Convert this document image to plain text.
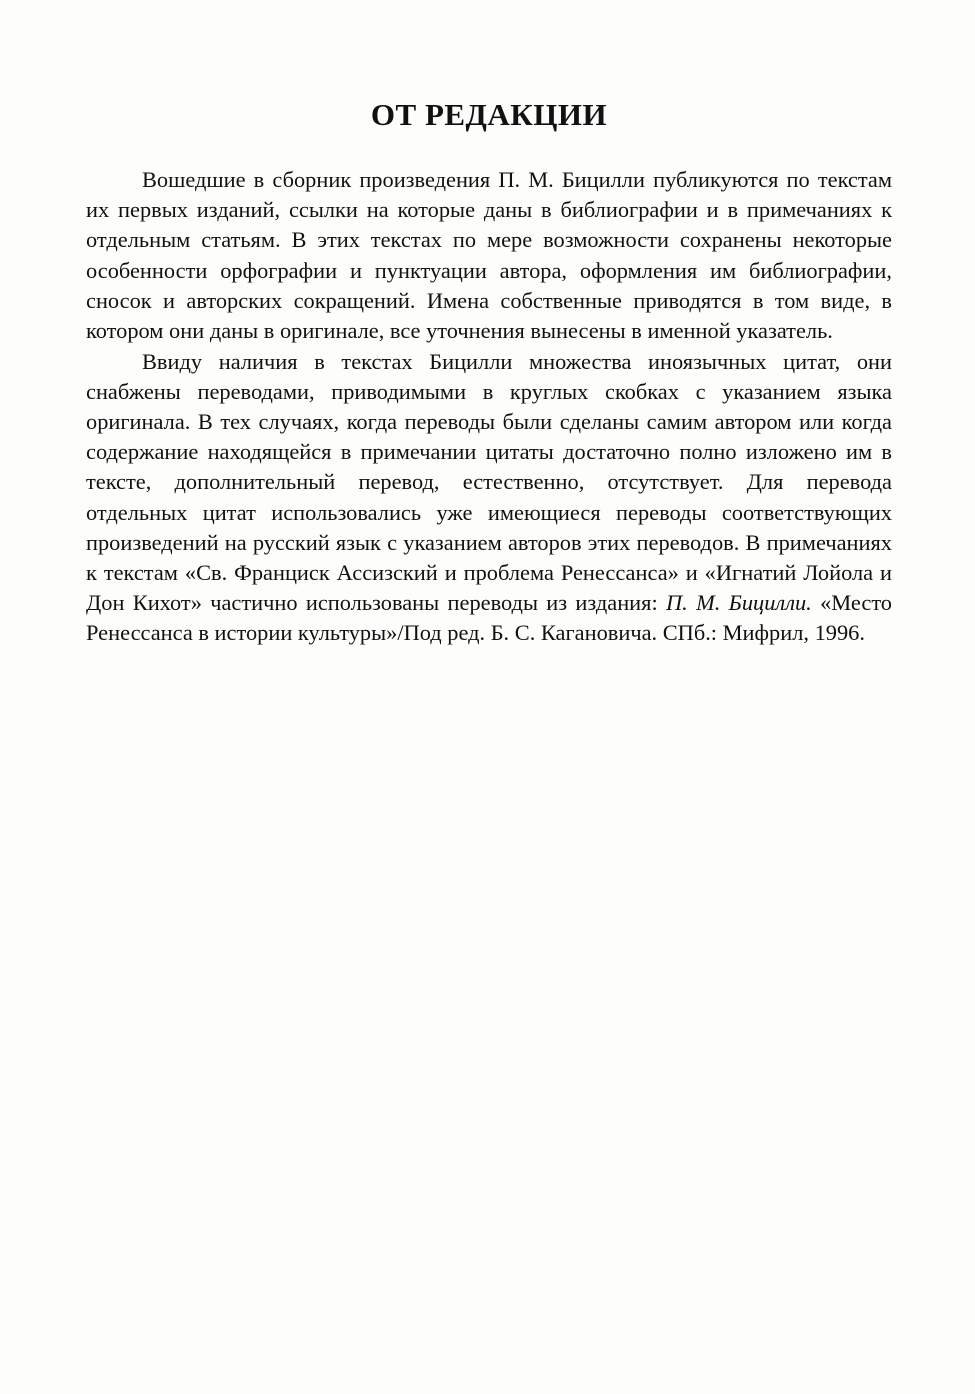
ОТ РЕДАКЦИИ

Вошедшие в сборник произведения П. М. Бицилли публикуются по текстам их первых изданий, ссылки на которые даны в библиографии и в примечаниях к отдельным статьям. В этих текстах по мере возможности сохранены некоторые особенности орфографии и пунктуации автора, оформления им библиографии, сносок и авторских сокращений. Имена собственные приводятся в том виде, в котором они даны в оригинале, все уточнения вынесены в именной указатель.

Ввиду наличия в текстах Бицилли множества иноязычных цитат, они снабжены переводами, приводимыми в круглых скобках с указанием языка оригинала. В тех случаях, когда переводы были сделаны самим автором или когда содержание находящейся в примечании цитаты достаточно полно изложено им в тексте, дополнительный перевод, естественно, отсутствует. Для перевода отдельных цитат использовались уже имеющиеся переводы соответствующих произведений на русский язык с указанием авторов этих переводов. В примечаниях к текстам «Св. Франциск Ассизский и проблема Ренессанса» и «Игнатий Лойола и Дон Кихот» частично использованы переводы из издания: П. М. Бицилли. «Место Ренессанса в истории культуры»/Под ред. Б. С. Кагановича. СПб.: Мифрил, 1996.
